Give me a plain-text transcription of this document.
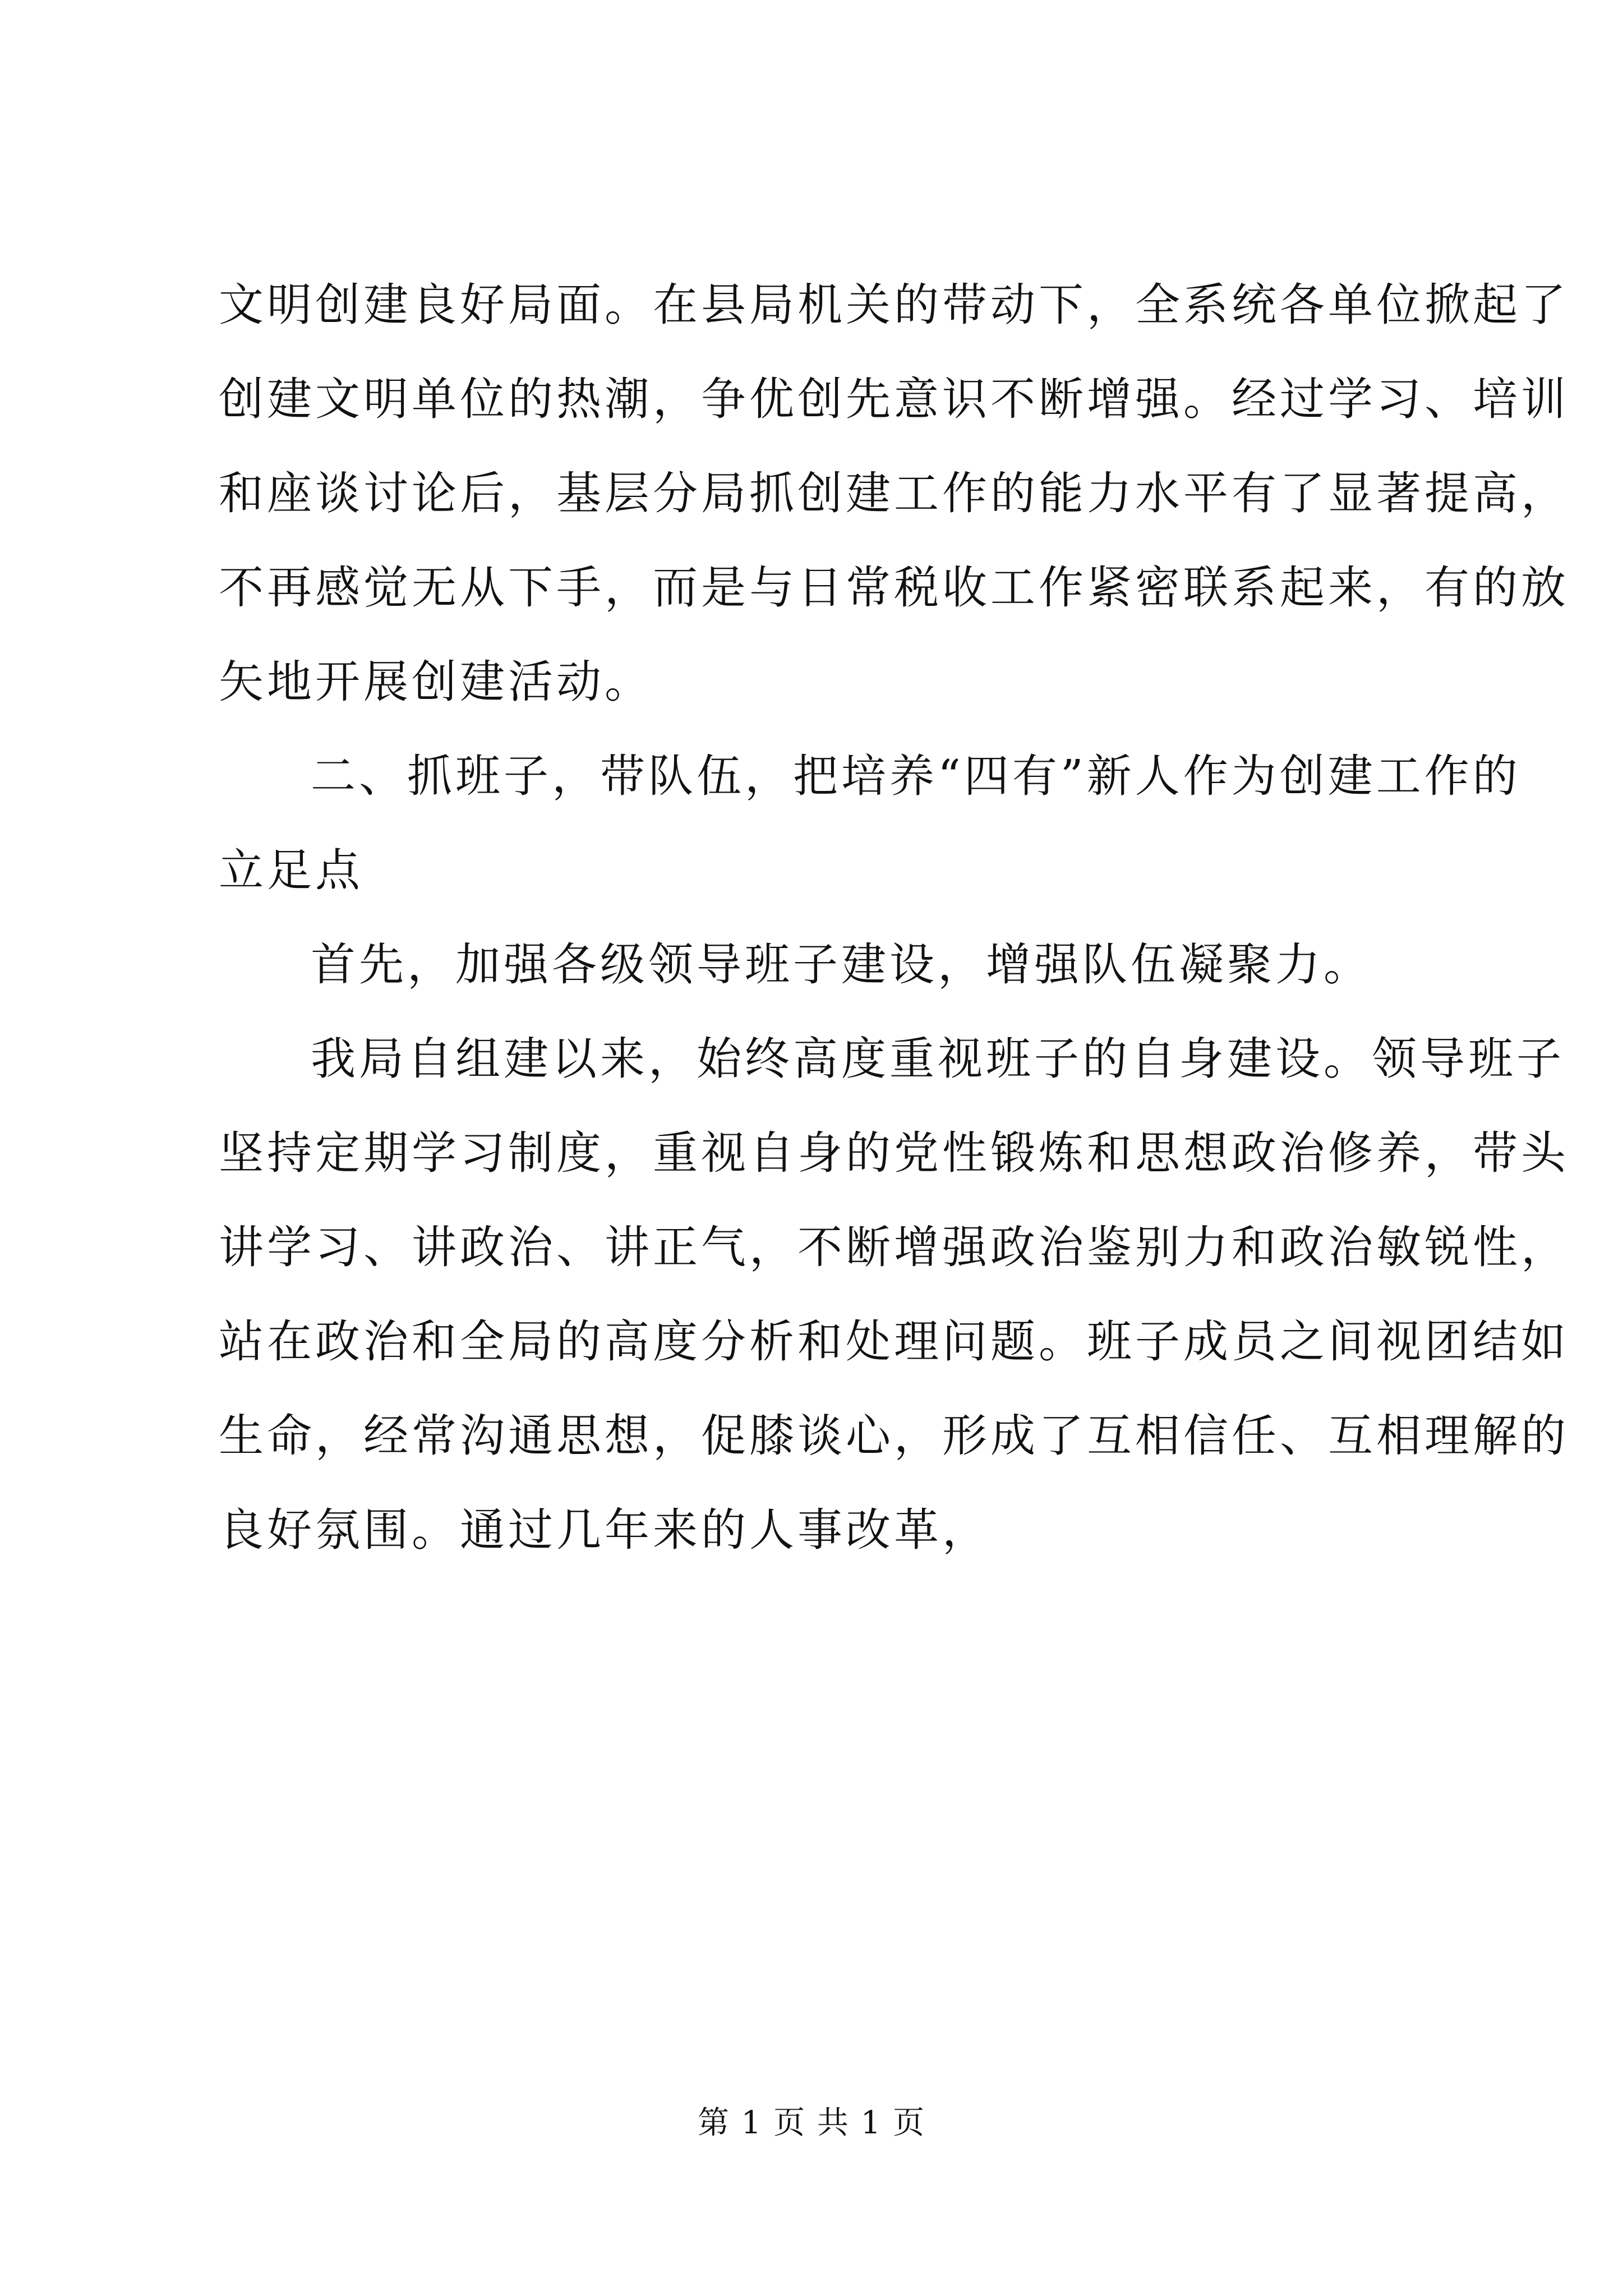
文明创建良好局面。在县局机关的带动下，全系统各单位掀起了
创建文明单位的热潮，争优创先意识不断增强。经过学习、培训
和座谈讨论后，基层分局抓创建工作的能力水平有了显著提高，
不再感觉无从下手，而是与日常税收工作紧密联系起来，有的放
矢地开展创建活动。
二、抓班子，带队伍，把培养“四有”新人作为创建工作的
立足点
首先，加强各级领导班子建设，增强队伍凝聚力。
我局自组建以来，始终高度重视班子的自身建设。领导班子
坚持定期学习制度，重视自身的党性锻炼和思想政治修养，带头
讲学习、讲政治、讲正气，不断增强政治鉴别力和政治敏锐性，
站在政治和全局的高度分析和处理问题。班子成员之间视团结如
生命，经常沟通思想，促膝谈心，形成了互相信任、互相理解的
良好氛围。通过几年来的人事改革，
第 1 页 共 1 页
